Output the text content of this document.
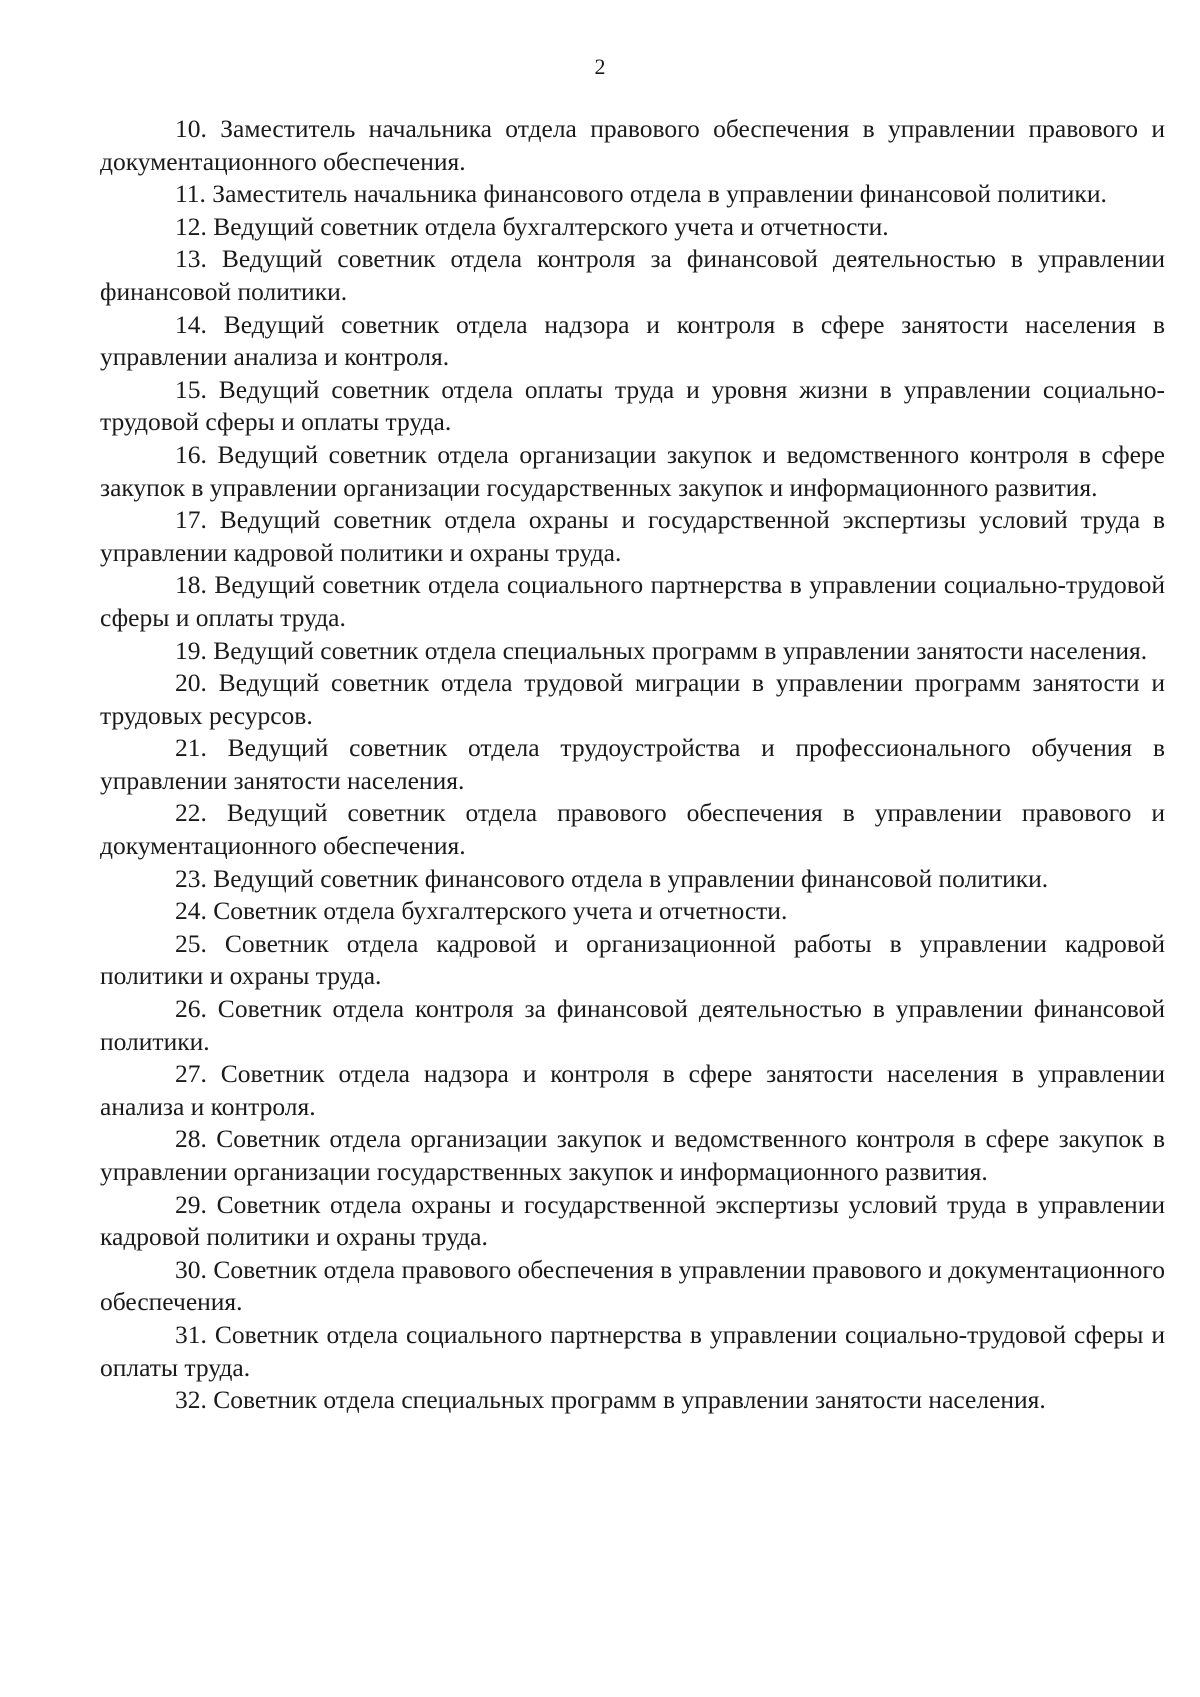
2
10. Заместитель начальника отдела правового обеспечения в управлении правового и документационного обеспечения.
11. Заместитель начальника финансового отдела в управлении финансовой политики.
12. Ведущий советник отдела бухгалтерского учета и отчетности.
13. Ведущий советник отдела контроля за финансовой деятельностью в управлении финансовой политики.
14. Ведущий советник отдела надзора и контроля в сфере занятости населения в управлении анализа и контроля.
15. Ведущий советник отдела оплаты труда и уровня жизни в управлении социально-трудовой сферы и оплаты труда.
16. Ведущий советник отдела организации закупок и ведомственного контроля в сфере закупок в управлении организации государственных закупок и информационного развития.
17. Ведущий советник отдела охраны и государственной экспертизы условий труда в управлении кадровой политики и охраны труда.
18. Ведущий советник отдела социального партнерства в управлении социально-трудовой сферы и оплаты труда.
19. Ведущий советник отдела специальных программ в управлении занятости населения.
20. Ведущий советник отдела трудовой миграции в управлении программ занятости и трудовых ресурсов.
21. Ведущий советник отдела трудоустройства и профессионального обучения в управлении занятости населения.
22. Ведущий советник отдела правового обеспечения в управлении правового и документационного обеспечения.
23. Ведущий советник финансового отдела в управлении финансовой политики.
24. Советник отдела бухгалтерского учета и отчетности.
25. Советник отдела кадровой и организационной работы в управлении кадровой политики и охраны труда.
26. Советник отдела контроля за финансовой деятельностью в управлении финансовой политики.
27. Советник отдела надзора и контроля в сфере занятости населения в управлении анализа и контроля.
28. Советник отдела организации закупок и ведомственного контроля в сфере закупок в управлении организации государственных закупок и информационного развития.
29. Советник отдела охраны и государственной экспертизы условий труда в управлении кадровой политики и охраны труда.
30. Советник отдела правового обеспечения в управлении правового и документационного обеспечения.
31. Советник отдела социального партнерства в управлении социально-трудовой сферы и оплаты труда.
32. Советник отдела специальных программ в управлении занятости населения.
